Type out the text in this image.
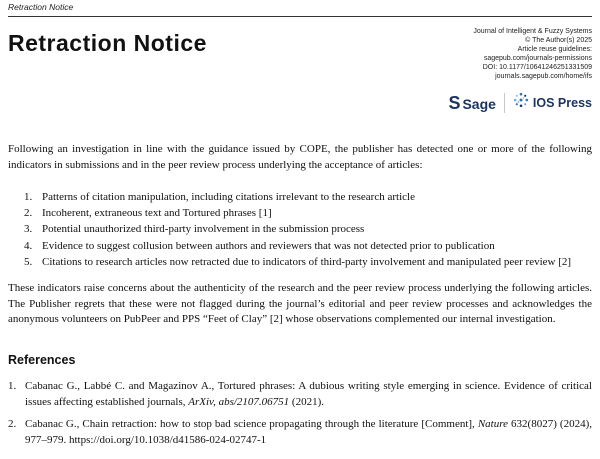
Retraction Notice
Retraction Notice	Journal of Intelligent & Fuzzy Systems
© The Author(s) 2025
Article reuse guidelines:
sagepub.com/journals-permissions
DOI: 10.1177/10641246251331509
journals.sagepub.com/home/ifs
S Sage	IOS Press
Following an investigation in line with the guidance issued by COPE, the publisher has detected one or more of the following indicators in submissions and in the peer review process underlying the acceptance of articles:
1. Patterns of citation manipulation, including citations irrelevant to the research article
2. Incoherent, extraneous text and Tortured phrases [1]
3. Potential unauthorized third-party involvement in the submission process
4. Evidence to suggest collusion between authors and reviewers that was not detected prior to publication
5. Citations to research articles now retracted due to indicators of third-party involvement and manipulated peer review [2]
These indicators raise concerns about the authenticity of the research and the peer review process underlying the following articles. The Publisher regrets that these were not flagged during the journal’s editorial and peer review processes and acknowledges the anonymous volunteers on PubPeer and PPS “Feet of Clay” [2] whose observations complemented our internal investigation.
References
1. Cabanac G., Labbé C. and Magazinov A., Tortured phrases: A dubious writing style emerging in science. Evidence of critical issues affecting established journals, ArXiv, abs/2107.06751 (2021).
2. Cabanac G., Chain retraction: how to stop bad science propagating through the literature [Comment], Nature 632(8027) (2024), 977–979. https://doi.org/10.1038/d41586-024-02747-1
